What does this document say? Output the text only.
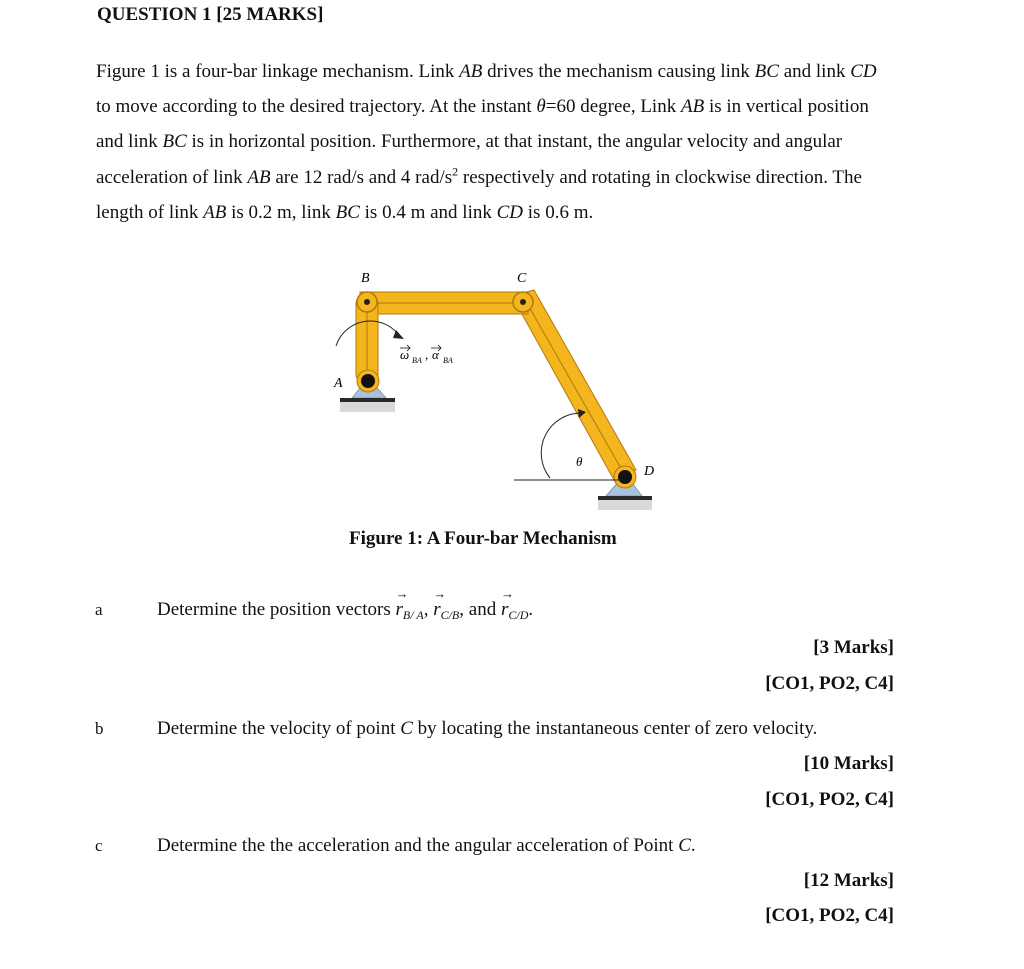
QUESTION 1 [25 MARKS]
Figure 1 is a four-bar linkage mechanism. Link AB drives the mechanism causing link BC and link CD to move according to the desired trajectory. At the instant θ=60 degree, Link AB is in vertical position and link BC is in horizontal position. Furthermore, at that instant, the angular velocity and angular acceleration of link AB are 12 rad/s and 4 rad/$s^2$ respectively and rotating in clockwise direction. The length of link AB is 0.2 m, link BC is 0.4 m and link CD is 0.6 m.
B	C
A
D
θ
ω BA , α BA
Figure 1: A Four-bar Mechanism
a	Determine the position vectors
→
$r_{B/ A}$,
→
$r_{C/B}$, and
→
$r_{C/D}$.
[3 Marks]
[CO1, PO2, C4]
b	Determine the velocity of point C by locating the instantaneous center of zero velocity.
[10 Marks]
[CO1, PO2, C4]
c	Determine the the acceleration and the angular acceleration of Point C.
[12 Marks]
[CO1, PO2, C4]
